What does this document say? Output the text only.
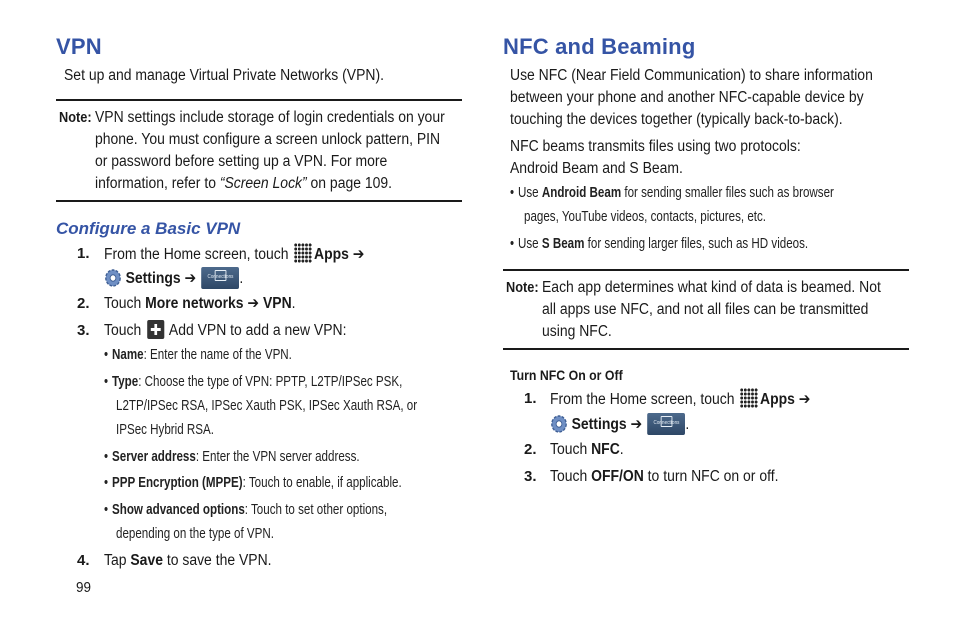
VPN

Set up and manage Virtual Private Networks (VPN).

Note: VPN settings include storage of login credentials on your
phone. You must configure a screen unlock pattern, PIN
or password before setting up a VPN. For more
information, refer to “Screen Lock” on page 109.
Configure a Basic VPN
1. From the Home screen, touch Apps ➔
Settings ➔	Connections .
2. Touch More networks ➔ VPN.
3. Touch  Add VPN to add a new VPN:
• Name: Enter the name of the VPN.
• Type: Choose the type of VPN: PPTP, L2TP/IPSec PSK,
L2TP/IPSec RSA, IPSec Xauth PSK, IPSec Xauth RSA, or
IPSec Hybrid RSA.
• Server address: Enter the VPN server address.
• PPP Encryption (MPPE): Touch to enable, if applicable.
• Show advanced options: Touch to set other options,
depending on the type of VPN.
4. Tap Save to save the VPN.
99
NFC and Beaming

Use NFC (Near Field Communication) to share information

between your phone and another NFC-capable device by

touching the devices together (typically back-to-back).

NFC beams transmits files using two protocols:

Android Beam and S Beam.

• Use Android Beam for sending smaller files such as browser
pages, YouTube videos, contacts, pictures, etc.
• Use S Beam for sending larger files, such as HD videos.
Note: Each app determines what kind of data is beamed. Not
all apps use NFC, and not all files can be transmitted
using NFC.
Turn NFC On or Off
1. From the Home screen, touch Apps ➔
Settings ➔	Connections .
2. Touch NFC.
3. Touch OFF/ON to turn NFC on or off.
